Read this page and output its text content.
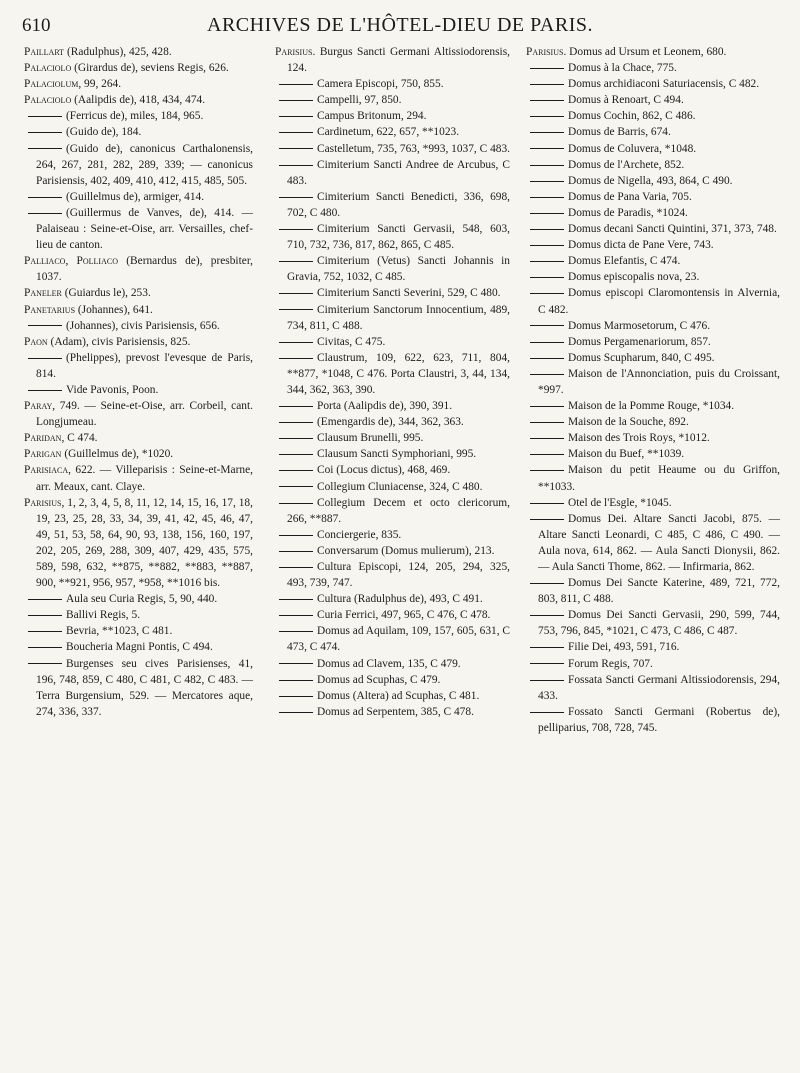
610	ARCHIVES DE L'HÔTEL-DIEU DE PARIS.

Paillart (Radulphus), 425, 428.

Palaciolo (Girardus de), seviens Regis, 626.

Palaciolum, 99, 264.

Palaciolo (Aalipdis de), 418, 434, 474.

(Ferricus de), miles, 184, 965.

(Guido de), 184.

(Guido de), canonicus Carthalonensis, 264, 267, 281, 282, 289, 339; — canonicus Parisiensis, 402, 409, 410, 412, 415, 485, 505.

(Guillelmus de), armiger, 414.

(Guillermus de Vanves, de), 414. — Palaiseau : Seine-et-Oise, arr. Versailles, chef-lieu de canton.

Palliaco, Polliaco (Bernardus de), presbiter, 1037.

Paneler (Guiardus le), 253.

Panetarius (Johannes), 641.

(Johannes), civis Parisiensis, 656.

Paon (Adam), civis Parisiensis, 825.

(Phelippes), prevost l'evesque de Paris, 814.

Vide Pavonis, Poon.

Paray, 749. — Seine-et-Oise, arr. Corbeil, cant. Longjumeau.

Paridan, C 474.

Parigan (Guillelmus de), *1020.

Parisiaca, 622. — Villeparisis : Seine-et-Marne, arr. Meaux, cant. Claye.

Parisius, 1, 2, 3, 4, 5, 8, 11, 12, 14, 15, 16, 17, 18, 19, 23, 25, 28, 33, 34, 39, 41, 42, 45, 46, 47, 49, 51, 53, 58, 64, 90, 93, 138, 156, 160, 197, 202, 205, 269, 288, 309, 407, 429, 435, 575, 589, 598, 632, **875, **882, **883, **887, 900, **921, 956, 957, *958, **1016 bis.

Aula seu Curia Regis, 5, 90, 440.

Ballivi Regis, 5.

Bevria, **1023, C 481.

Boucheria Magni Pontis, C 494.

Burgenses seu cives Parisienses, 41, 196, 748, 859, C 480, C 481, C 482, C 483. — Terra Burgensium, 529. — Mercatores aque, 274, 336, 337.

Parisius. Burgus Sancti Germani Altissiodorensis, 124.

Camera Episcopi, 750, 855.

Campelli, 97, 850.

Campus Britonum, 294.

Cardinetum, 622, 657, **1023.

Castelletum, 735, 763, *993, 1037, C 483.

Cimiterium Sancti Andree de Arcubus, C 483.

Cimiterium Sancti Benedicti, 336, 698, 702, C 480.

Cimiterium Sancti Gervasii, 548, 603, 710, 732, 736, 817, 862, 865, C 485.

Cimiterium (Vetus) Sancti Johannis in Gravia, 752, 1032, C 485.

Cimiterium Sancti Severini, 529, C 480.

Cimiterium Sanctorum Innocentium, 489, 734, 811, C 488.

Civitas, C 475.

Claustrum, 109, 622, 623, 711, 804, **877, *1048, C 476. Porta Claustri, 3, 44, 134, 344, 362, 363, 390.

Porta (Aalipdis de), 390, 391.

(Emengardis de), 344, 362, 363.

Clausum Brunelli, 995.

Clausum Sancti Symphoriani, 995.

Coi (Locus dictus), 468, 469.

Collegium Cluniacense, 324, C 480.

Collegium Decem et octo clericorum, 266, **887.

Conciergerie, 835.

Conversarum (Domus mulierum), 213.

Cultura Episcopi, 124, 205, 294, 325, 493, 739, 747.

Cultura (Radulphus de), 493, C 491.

Curia Ferrici, 497, 965, C 476, C 478.

Domus ad Aquilam, 109, 157, 605, 631, C 473, C 474.

Domus ad Clavem, 135, C 479.

Domus ad Scuphas, C 479.

Domus (Altera) ad Scuphas, C 481.

Domus ad Serpentem, 385, C 478.

Parisius. Domus ad Ursum et Leonem, 680.

Domus à la Chace, 775.

Domus archidiaconi Saturiacensis, C 482.

Domus à Renoart, C 494.

Domus Cochin, 862, C 486.

Domus de Barris, 674.

Domus de Coluvera, *1048.

Domus de l'Archete, 852.

Domus de Nigella, 493, 864, C 490.

Domus de Pana Varia, 705.

Domus de Paradis, *1024.

Domus decani Sancti Quintini, 371, 373, 748.

Domus dicta de Pane Vere, 743.

Domus Elefantis, C 474.

Domus episcopalis nova, 23.

Domus episcopi Claromontensis in Alvernia, C 482.

Domus Marmosetorum, C 476.

Domus Pergamenariorum, 857.

Domus Scupharum, 840, C 495.

Maison de l'Annonciation, puis du Croissant, *997.

Maison de la Pomme Rouge, *1034.

Maison de la Souche, 892.

Maison des Trois Roys, *1012.

Maison du Buef, **1039.

Maison du petit Heaume ou du Griffon, **1033.

Otel de l'Esgle, *1045.

Domus Dei. Altare Sancti Jacobi, 875. — Altare Sancti Leonardi, C 485, C 486, C 490. — Aula nova, 614, 862. — Aula Sancti Dionysii, 862. — Aula Sancti Thome, 862. — Infirmaria, 862.

Domus Dei Sancte Katerine, 489, 721, 772, 803, 811, C 488.

Domus Dei Sancti Gervasii, 290, 599, 744, 753, 796, 845, *1021, C 473, C 486, C 487.

Filie Dei, 493, 591, 716.

Forum Regis, 707.

Fossata Sancti Germani Altissiodorensis, 294, 433.

Fossato Sancti Germani (Robertus de), pelliparius, 708, 728, 745.
